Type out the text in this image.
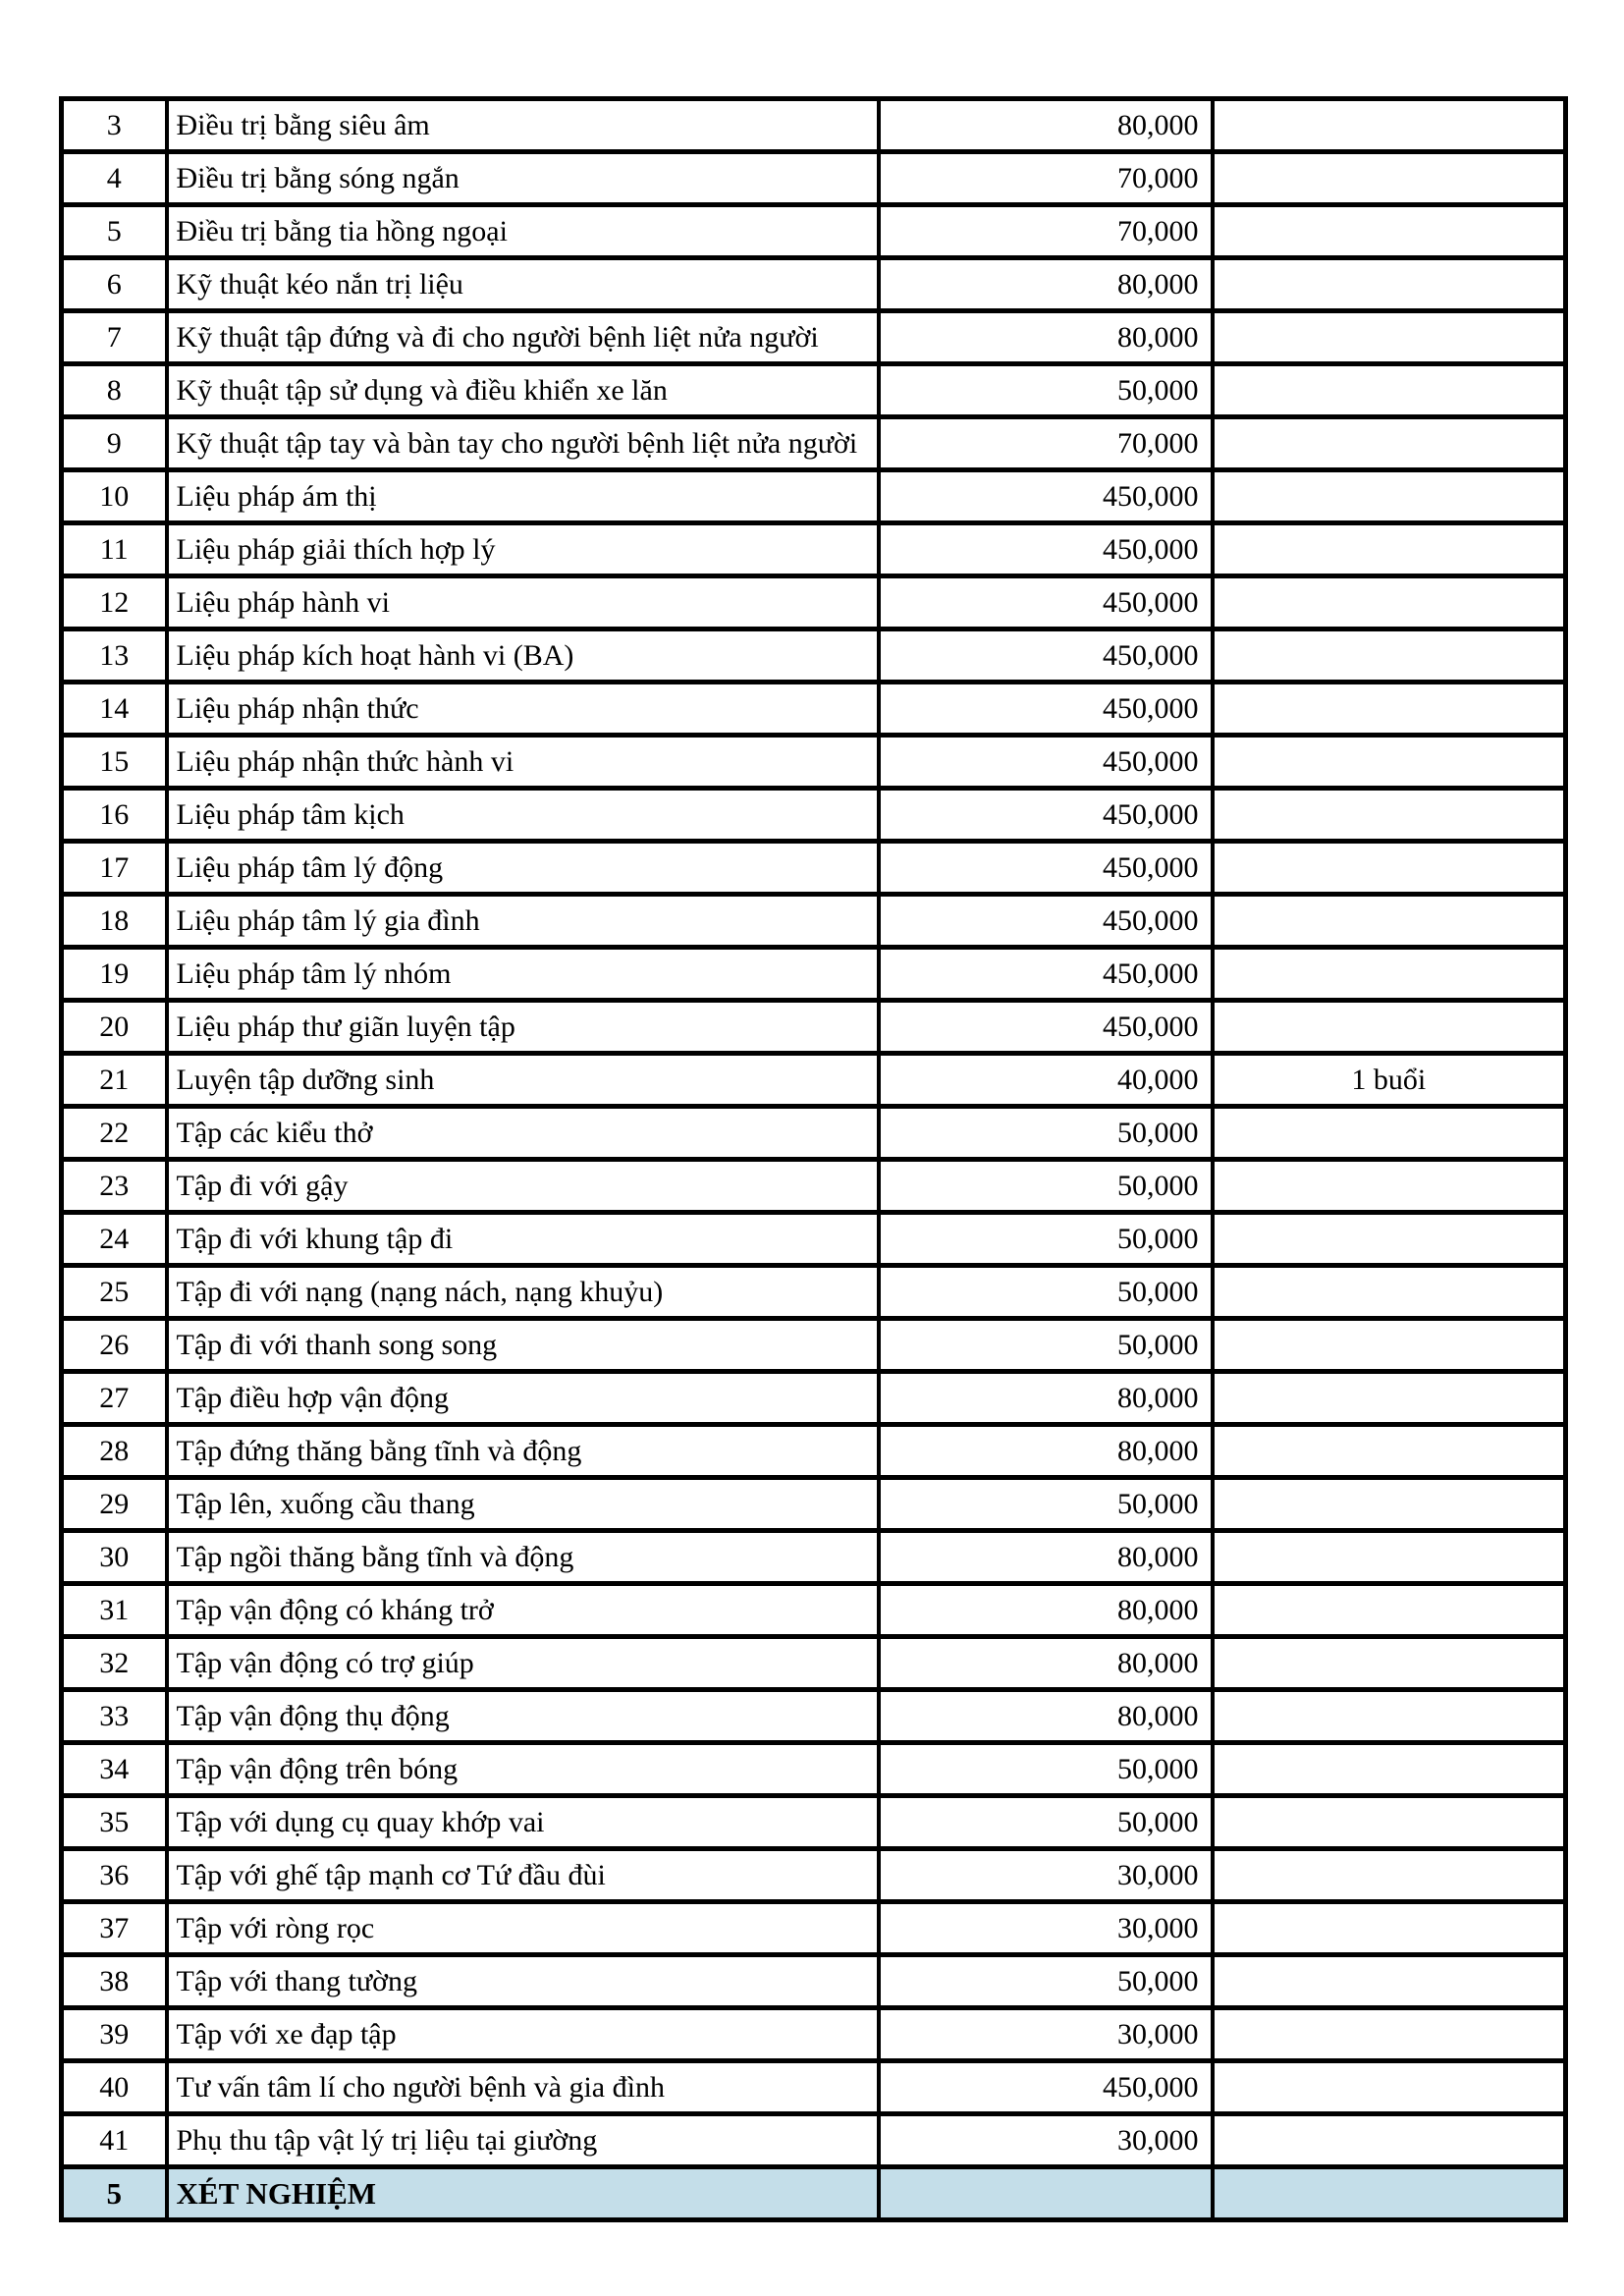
3	Điều trị bằng siêu âm	80,000	
4	Điều trị bằng sóng ngắn	70,000	
5	Điều trị bằng tia hồng ngoại	70,000	
6	Kỹ thuật kéo nắn trị liệu	80,000	
7	Kỹ thuật tập đứng và đi cho người bệnh liệt nửa người	80,000	
8	Kỹ thuật tập sử dụng và điều khiển xe lăn	50,000	
9	Kỹ thuật tập tay và bàn tay cho người bệnh liệt nửa người	70,000	
10	Liệu pháp ám thị	450,000	
11	Liệu pháp giải thích hợp lý	450,000	
12	Liệu pháp hành vi	450,000	
13	Liệu pháp kích hoạt hành vi (BA)	450,000	
14	Liệu pháp nhận thức	450,000	
15	Liệu pháp nhận thức hành vi	450,000	
16	Liệu pháp tâm kịch	450,000	
17	Liệu pháp tâm lý động	450,000	
18	Liệu pháp tâm lý gia đình	450,000	
19	Liệu pháp tâm lý nhóm	450,000	
20	Liệu pháp thư giãn luyện tập	450,000	
21	Luyện tập dưỡng sinh	40,000	1 buổi
22	Tập các kiểu thở	50,000	
23	Tập đi với gậy	50,000	
24	Tập đi với khung tập đi	50,000	
25	Tập đi với nạng (nạng nách, nạng khuỷu)	50,000	
26	Tập đi với thanh song song	50,000	
27	Tập điều hợp vận động	80,000	
28	Tập đứng thăng bằng tĩnh và động	80,000	
29	Tập lên, xuống cầu thang	50,000	
30	Tập ngồi thăng bằng tĩnh và động	80,000	
31	Tập vận động có kháng trở	80,000	
32	Tập vận động có trợ giúp	80,000	
33	Tập vận động thụ động	80,000	
34	Tập vận động trên bóng	50,000	
35	Tập với dụng cụ quay khớp vai	50,000	
36	Tập với ghế tập mạnh cơ Tứ đầu đùi	30,000	
37	Tập với ròng rọc	30,000	
38	Tập với thang tường	50,000	
39	Tập với xe đạp tập	30,000	
40	Tư vấn tâm lí cho người bệnh và gia đình	450,000	
41	Phụ thu tập vật lý trị liệu tại giường	30,000	
5	XÉT NGHIỆM		
